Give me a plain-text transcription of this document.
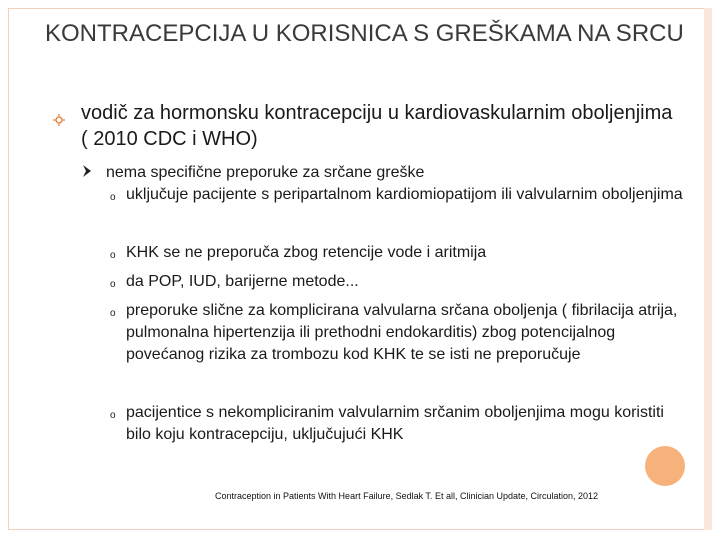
KONTRACEPCIJA U KORISNICA S GREŠKAMA NA SRCU
vodič za hormonsku kontracepciju u kardiovaskularnim oboljenjima ( 2010 CDC i WHO)
nema specifične preporuke za srčane greške
o uključuje pacijente s peripartalnom kardiomiopatijom ili valvularnim oboljenjima
o KHK se ne preporuča zbog retencije vode i aritmija
o da POP, IUD, barijerne metode...
o preporuke slične za komplicirana valvularna srčana oboljenja ( fibrilacija atrija, pulmonalna hipertenzija ili prethodni endokarditis) zbog potencijalnog povećanog rizika za trombozu kod KHK te se isti ne preporučuje
o pacijentice s nekompliciranim valvularnim srčanim oboljenjima mogu koristiti bilo koju kontracepciju, uključujući KHK
Contraception in Patients With Heart Failure, Sedlak T. Et all, Clinician Update, Circulation, 2012
